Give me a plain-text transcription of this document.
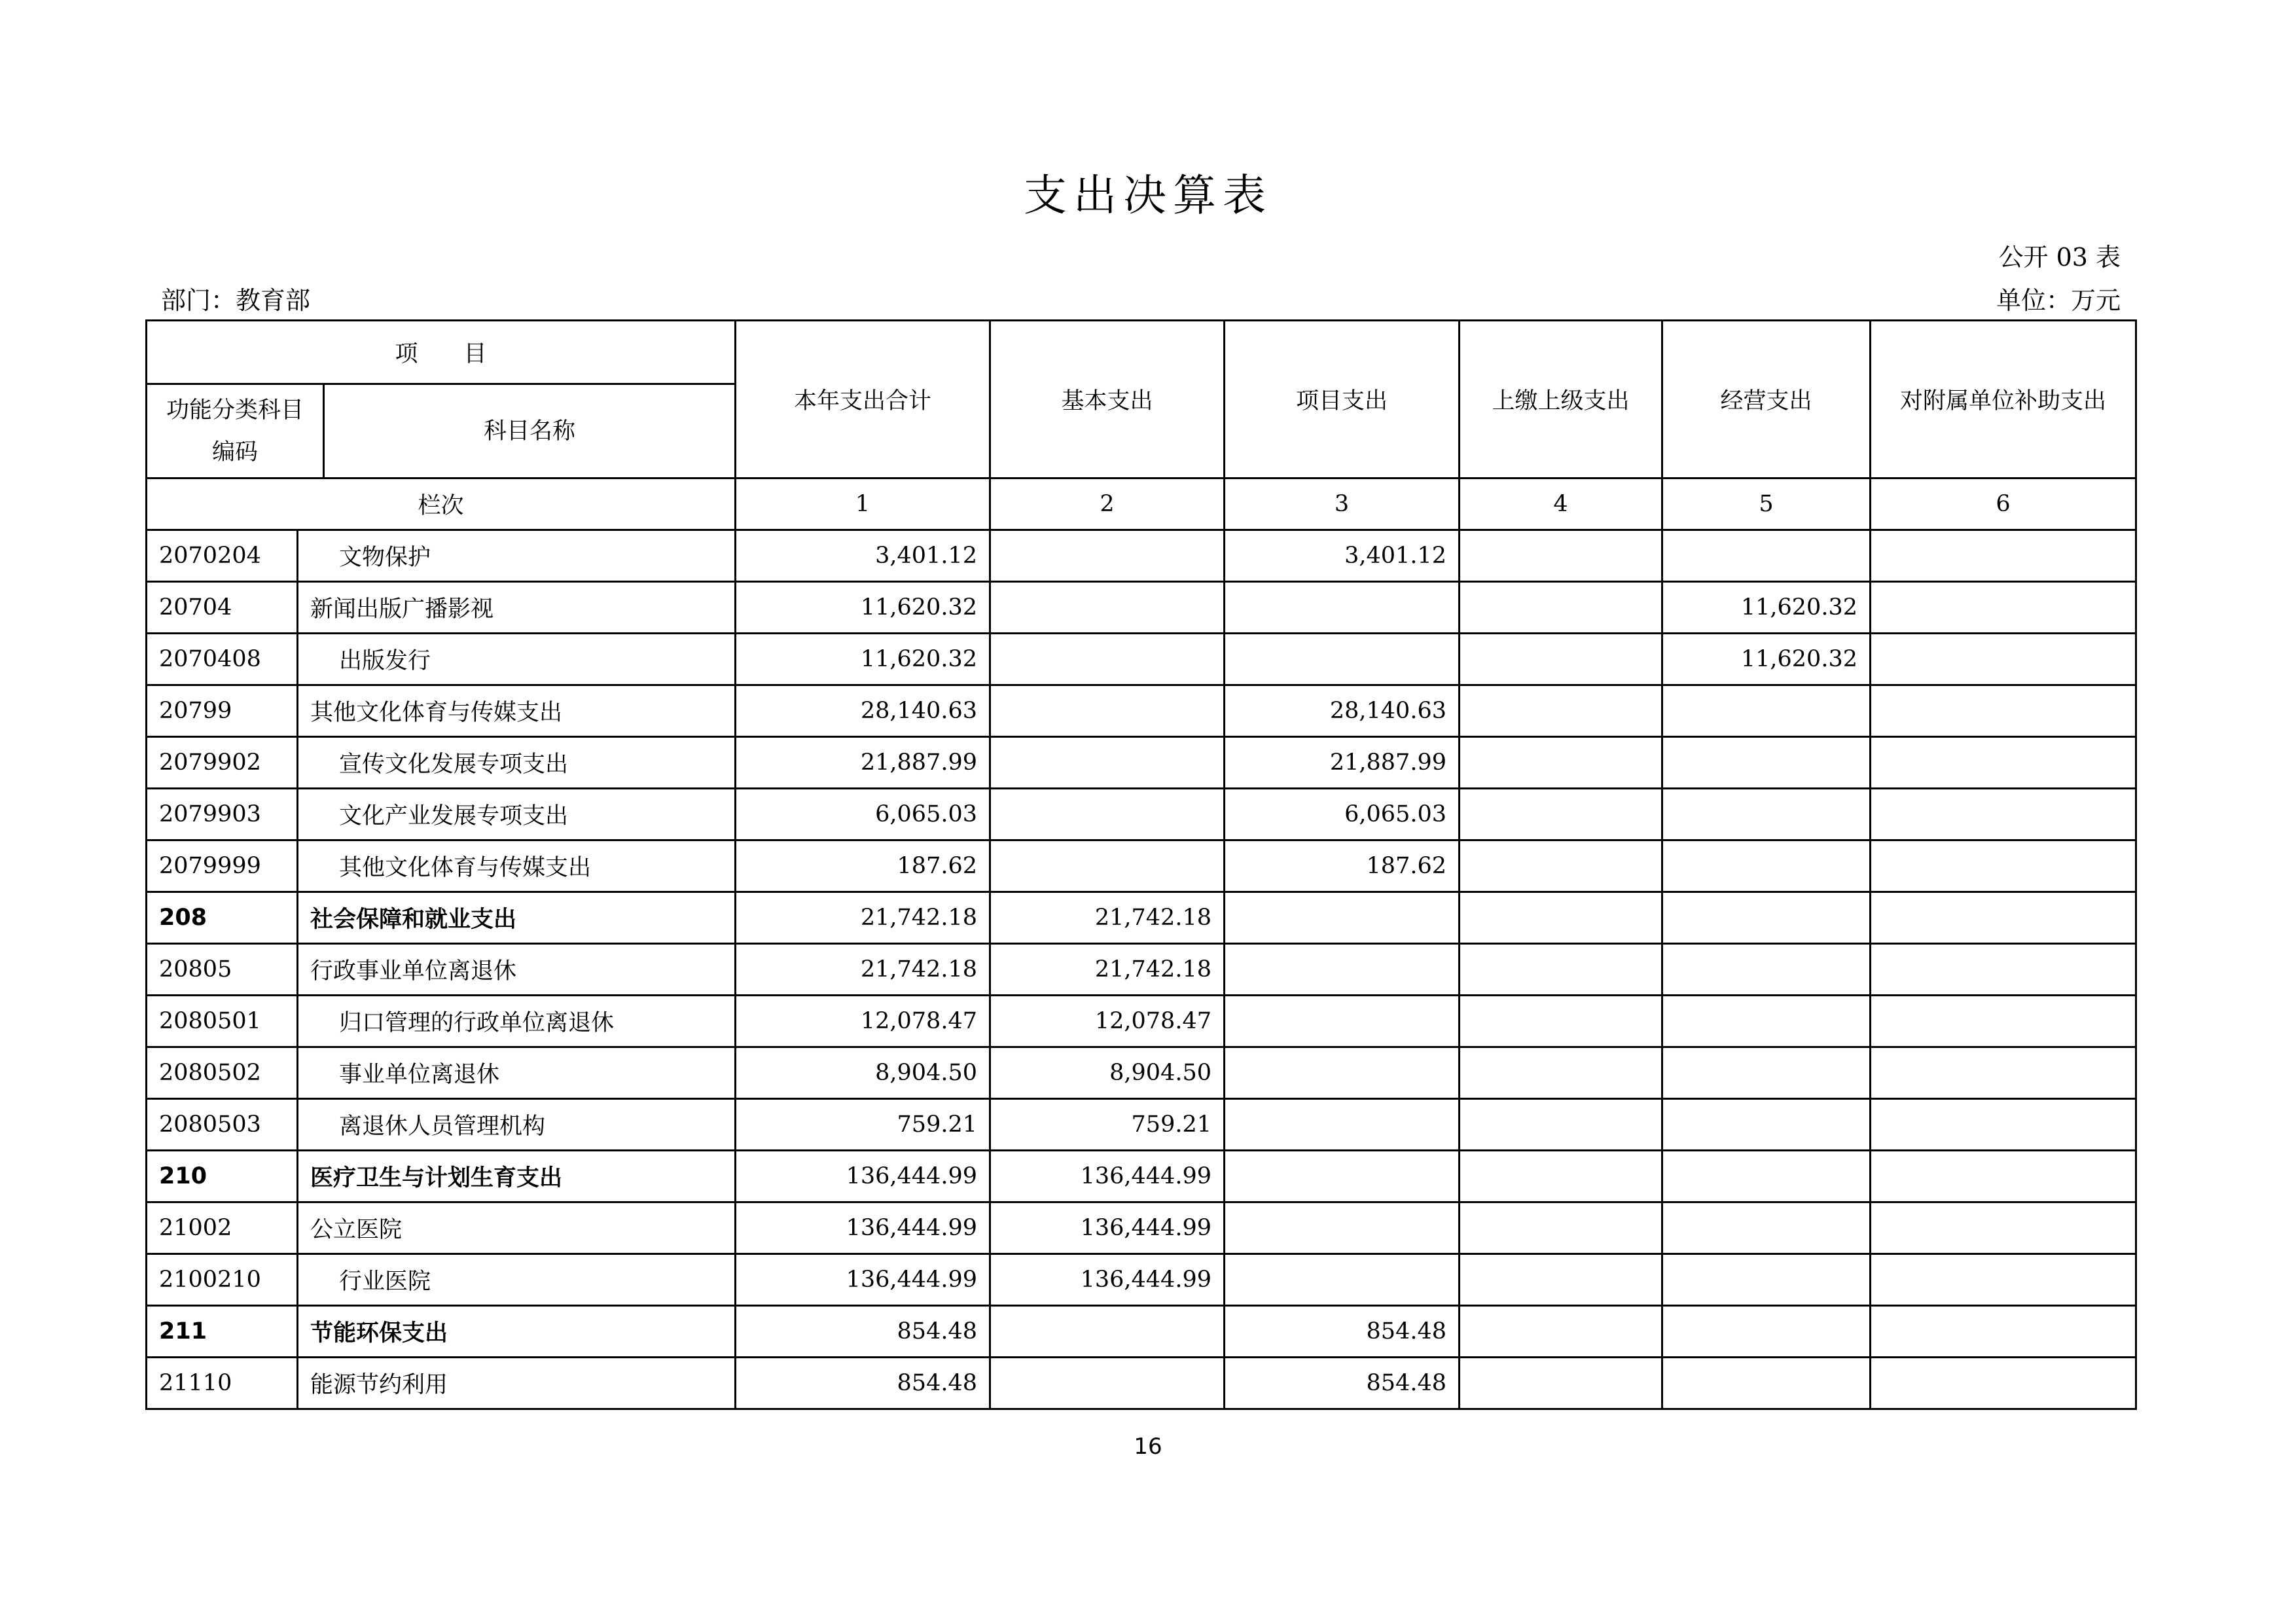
支出决算表
公开 03 表
部门：教育部	单位：万元
项　　目			本年支出合计	基本支出	项目支出	上缴上级支出	经营支出	对附属单位补助支出
功能分类科目编码		科目名称						
栏次			1	2	3	4	5	6
2070204	文物保护		3,401.12		3,401.12			
20704	新闻出版广播影视		11,620.32				11,620.32	
2070408	出版发行		11,620.32				11,620.32	
20799	其他文化体育与传媒支出		28,140.63		28,140.63			
2079902	宣传文化发展专项支出		21,887.99		21,887.99			
2079903	文化产业发展专项支出		6,065.03		6,065.03			
2079999	其他文化体育与传媒支出		187.62		187.62			
208	社会保障和就业支出		21,742.18	21,742.18				
20805	行政事业单位离退休		21,742.18	21,742.18				
2080501	归口管理的行政单位离退休		12,078.47	12,078.47				
2080502	事业单位离退休		8,904.50	8,904.50				
2080503	离退休人员管理机构		759.21	759.21				
210	医疗卫生与计划生育支出		136,444.99	136,444.99				
21002	公立医院		136,444.99	136,444.99				
2100210	行业医院		136,444.99	136,444.99				
211	节能环保支出		854.48		854.48			
21110	能源节约利用		854.48		854.48			
16
